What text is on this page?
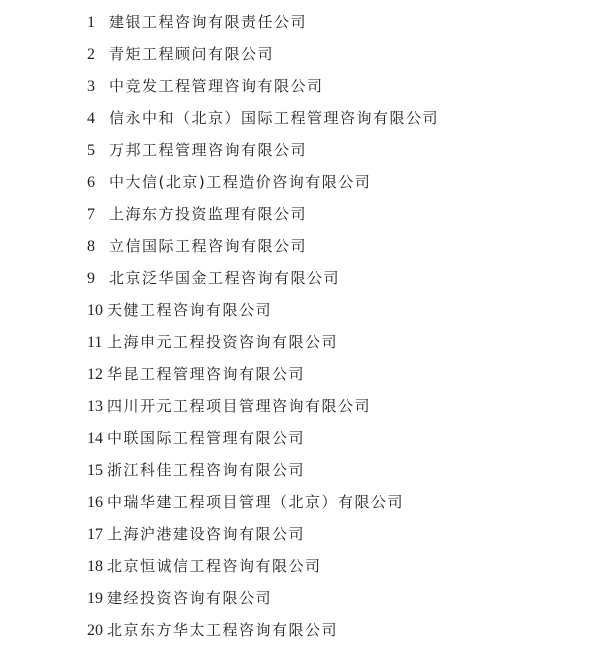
1 建银工程咨询有限责任公司
2 青矩工程顾问有限公司
3 中竞发工程管理咨询有限公司
4 信永中和（北京）国际工程管理咨询有限公司
5 万邦工程管理咨询有限公司
6 中大信(北京)工程造价咨询有限公司
7 上海东方投资监理有限公司
8 立信国际工程咨询有限公司
9 北京泛华国金工程咨询有限公司
10 天健工程咨询有限公司
11 上海申元工程投资咨询有限公司
12 华昆工程管理咨询有限公司
13 四川开元工程项目管理咨询有限公司
14 中联国际工程管理有限公司
15 浙江科佳工程咨询有限公司
16 中瑞华建工程项目管理（北京）有限公司
17 上海沪港建设咨询有限公司
18 北京恒诚信工程咨询有限公司
19 建经投资咨询有限公司
20 北京东方华太工程咨询有限公司
